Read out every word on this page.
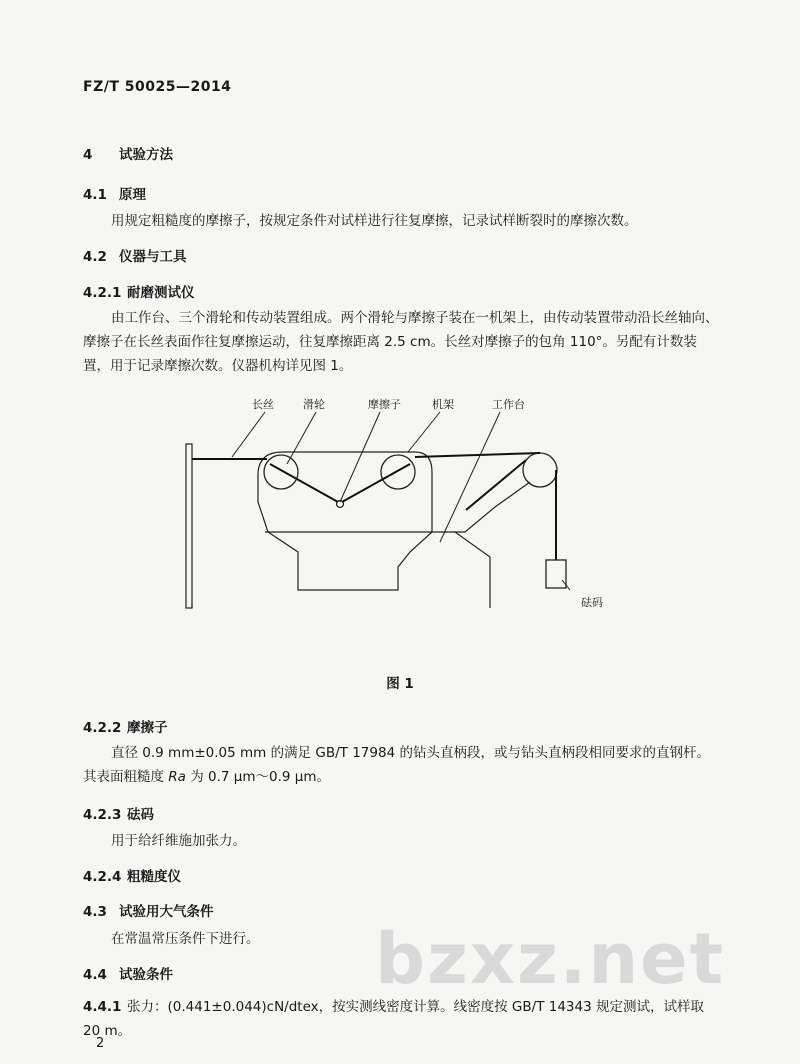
FZ/T 50025—2014
4 试验方法
4.1 原理
用规定粗糙度的摩擦子，按规定条件对试样进行往复摩擦，记录试样断裂时的摩擦次数。
4.2 仪器与工具
4.2.1 耐磨测试仪
由工作台、三个滑轮和传动装置组成。两个滑轮与摩擦子装在一机架上，由传动装置带动沿长丝轴向、摩擦子在长丝表面作往复摩擦运动，往复摩擦距离 2.5 cm。长丝对摩擦子的包角 110°。另配有计数装置，用于记录摩擦次数。仪器机构详见图 1。
长丝	滑轮	摩擦子	机架	工作台
砝码
图 1
4.2.2 摩擦子
直径 0.9 mm±0.05 mm 的满足 GB/T 17984 的钻头直柄段，或与钻头直柄段相同要求的直钢杆。其表面粗糙度 Ra 为 0.7 μm～0.9 μm。
4.2.3 砝码
用于给纤维施加张力。
4.2.4 粗糙度仪
4.3 试验用大气条件
在常温常压条件下进行。 bzxz.net
4.4 试验条件
4.4.1 张力：(0.441±0.044)cN/dtex，按实测线密度计算。线密度按 GB/T 14343 规定测试，试样取 20 m。
2
